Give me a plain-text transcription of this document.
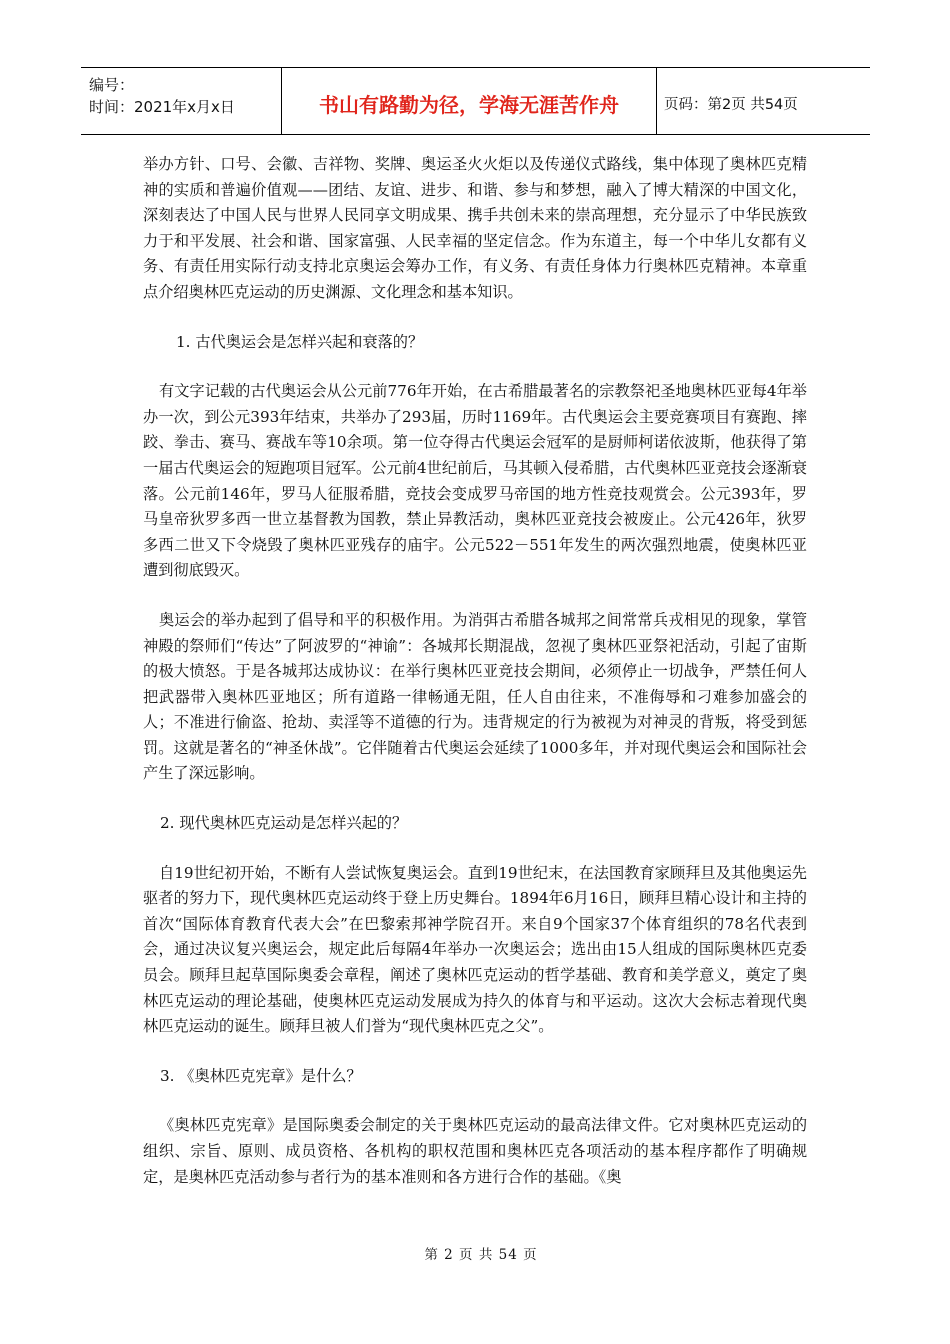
编号：
时间：2021年x月x日	书山有路勤为径，学海无涯苦作舟	页码：第2页 共54页

举办方针、口号、会徽、吉祥物、奖牌、奥运圣火火炬以及传递仪式路线，集中体现了奥林匹克精神的实质和普遍价值观——团结、友谊、进步、和谐、参与和梦想，融入了博大精深的中国文化，深刻表达了中国人民与世界人民同享文明成果、携手共创未来的崇高理想，充分显示了中华民族致力于和平发展、社会和谐、国家富强、人民幸福的坚定信念。作为东道主，每一个中华儿女都有义务、有责任用实际行动支持北京奥运会筹办工作，有义务、有责任身体力行奥林匹克精神。本章重点介绍奥林匹克运动的历史渊源、文化理念和基本知识。

1. 古代奥运会是怎样兴起和衰落的？

有文字记载的古代奥运会从公元前776年开始，在古希腊最著名的宗教祭祀圣地奥林匹亚每4年举办一次，到公元393年结束，共举办了293届，历时1169年。古代奥运会主要竞赛项目有赛跑、摔跤、拳击、赛马、赛战车等10余项。第一位夺得古代奥运会冠军的是厨师柯诺依波斯，他获得了第一届古代奥运会的短跑项目冠军。公元前4世纪前后，马其顿入侵希腊，古代奥林匹亚竞技会逐渐衰落。公元前146年，罗马人征服希腊，竞技会变成罗马帝国的地方性竞技观赏会。公元393年，罗马皇帝狄罗多西一世立基督教为国教，禁止异教活动，奥林匹亚竞技会被废止。公元426年，狄罗多西二世又下令烧毁了奥林匹亚残存的庙宇。公元522－551年发生的两次强烈地震，使奥林匹亚遭到彻底毁灭。

奥运会的举办起到了倡导和平的积极作用。为消弭古希腊各城邦之间常常兵戎相见的现象，掌管神殿的祭师们“传达”了阿波罗的“神谕”：各城邦长期混战，忽视了奥林匹亚祭祀活动，引起了宙斯的极大愤怒。于是各城邦达成协议：在举行奥林匹亚竞技会期间，必须停止一切战争，严禁任何人把武器带入奥林匹亚地区；所有道路一律畅通无阻，任人自由往来，不准侮辱和刁难参加盛会的人；不准进行偷盗、抢劫、卖淫等不道德的行为。违背规定的行为被视为对神灵的背叛，将受到惩罚。这就是著名的“神圣休战”。它伴随着古代奥运会延续了1000多年，并对现代奥运会和国际社会产生了深远影响。

2. 现代奥林匹克运动是怎样兴起的？

自19世纪初开始，不断有人尝试恢复奥运会。直到19世纪末，在法国教育家顾拜旦及其他奥运先驱者的努力下，现代奥林匹克运动终于登上历史舞台。1894年6月16日，顾拜旦精心设计和主持的首次“国际体育教育代表大会”在巴黎索邦神学院召开。来自9个国家37个体育组织的78名代表到会，通过决议复兴奥运会，规定此后每隔4年举办一次奥运会；选出由15人组成的国际奥林匹克委员会。顾拜旦起草国际奥委会章程，阐述了奥林匹克运动的哲学基础、教育和美学意义，奠定了奥林匹克运动的理论基础，使奥林匹克运动发展成为持久的体育与和平运动。这次大会标志着现代奥林匹克运动的诞生。顾拜旦被人们誉为“现代奥林匹克之父”。

3. 《奥林匹克宪章》是什么？

《奥林匹克宪章》是国际奥委会制定的关于奥林匹克运动的最高法律文件。它对奥林匹克运动的组织、宗旨、原则、成员资格、各机构的职权范围和奥林匹克各项活动的基本程序都作了明确规定，是奥林匹克活动参与者行为的基本准则和各方进行合作的基础。《奥

第 2 页 共 54 页
